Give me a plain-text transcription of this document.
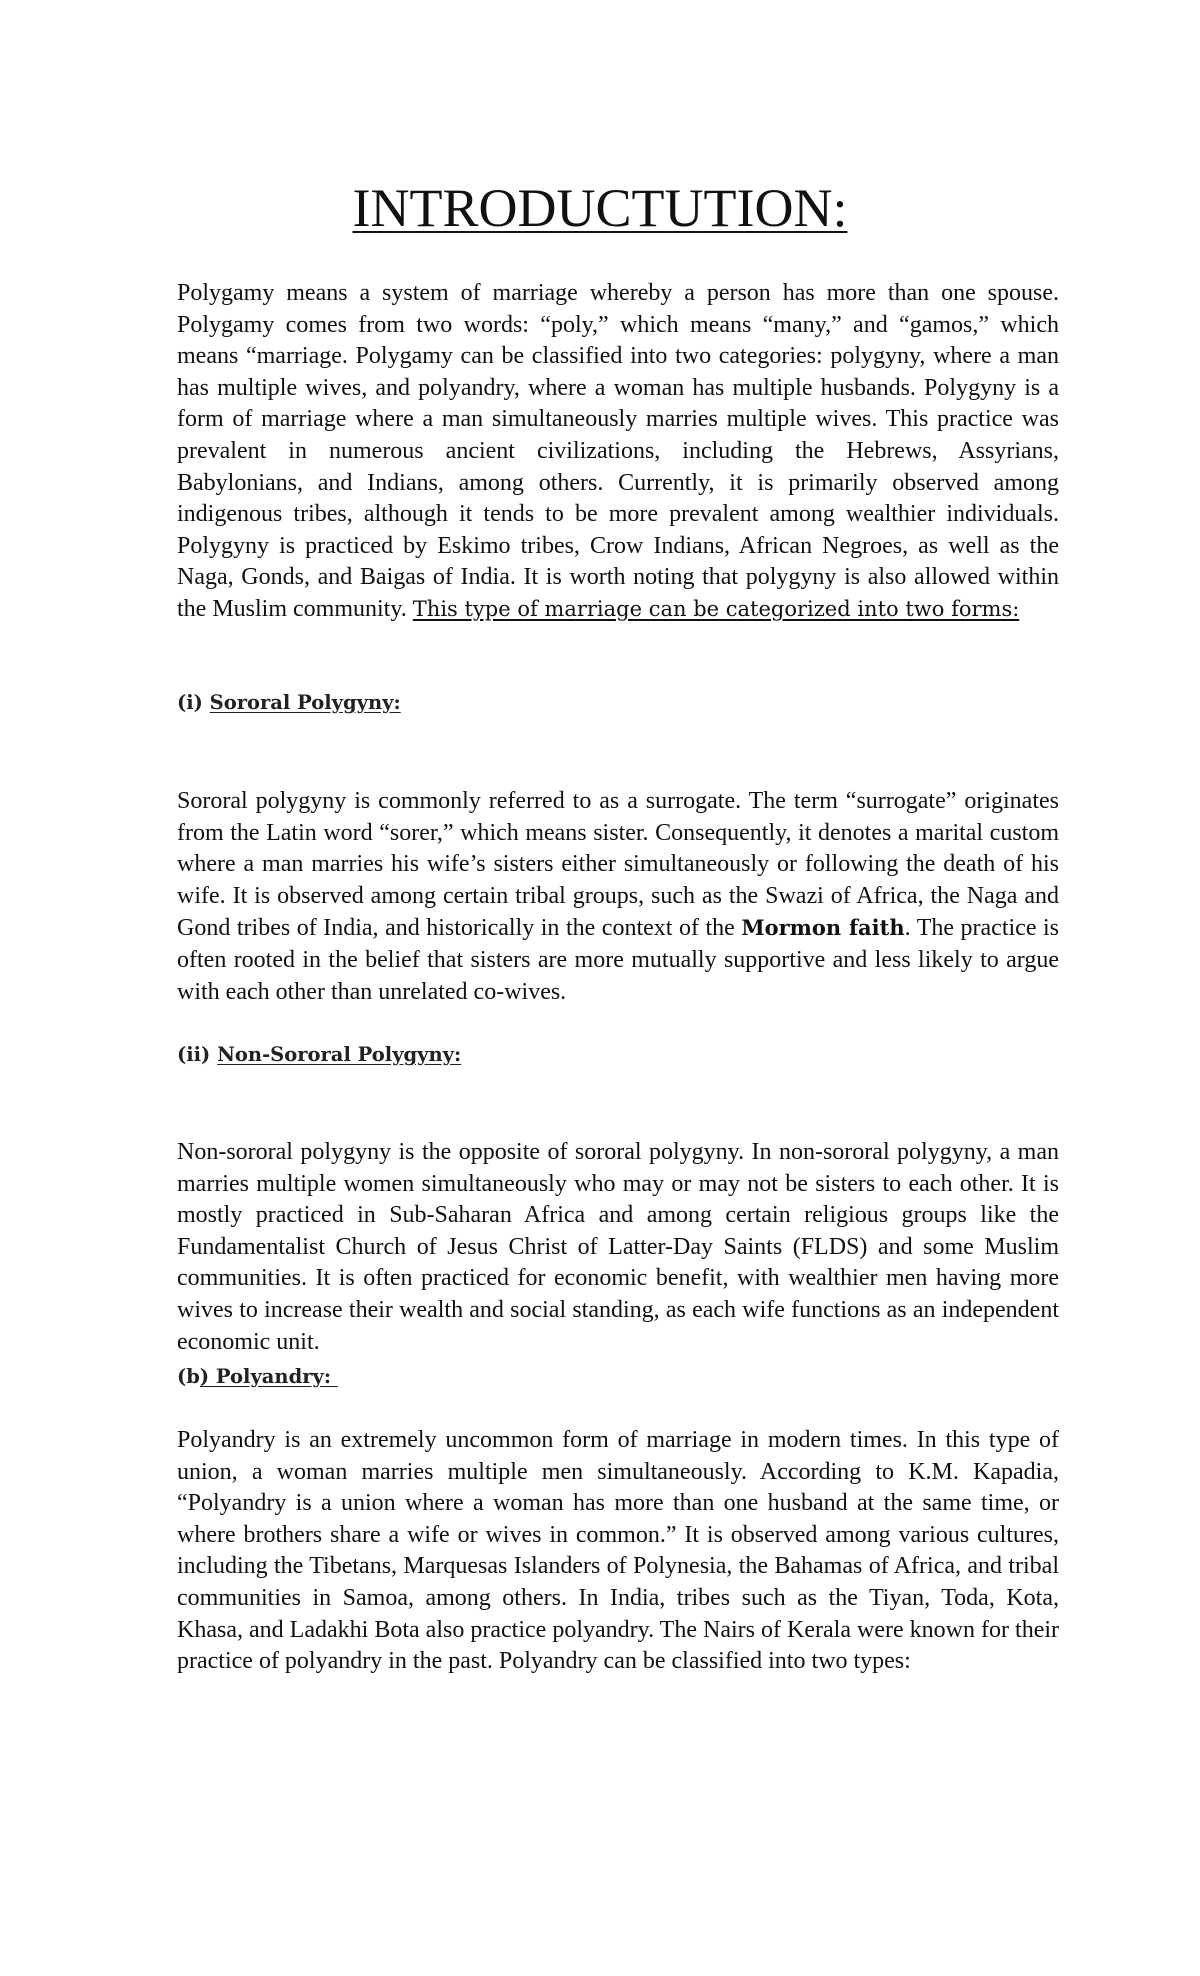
INTRODUCTUTION:

Polygamy means a system of marriage whereby a person has more than one spouse. Polygamy comes from two words: “poly,” which means “many,” and “gamos,” which means “marriage. Polygamy can be classified into two categories: polygyny, where a man has multiple wives, and polyandry, where a woman has multiple husbands. Polygyny is a form of marriage where a man simultaneously marries multiple wives. This practice was prevalent in numerous ancient civilizations, including the Hebrews, Assyrians, Babylonians, and Indians, among others. Currently, it is primarily observed among indigenous tribes, although it tends to be more prevalent among wealthier individuals. Polygyny is practiced by Eskimo tribes, Crow Indians, African Negroes, as well as the Naga, Gonds, and Baigas of India. It is worth noting that polygyny is also allowed within the Muslim community. This type of marriage can be categorized into two forms:

(i) Sororal Polygyny:

Sororal polygyny is commonly referred to as a surrogate. The term “surrogate” originates from the Latin word “sorer,” which means sister. Consequently, it denotes a marital custom where a man marries his wife’s sisters either simultaneously or following the death of his wife. It is observed among certain tribal groups, such as the Swazi of Africa, the Naga and Gond tribes of India, and historically in the context of the Mormon faith. The practice is often rooted in the belief that sisters are more mutually supportive and less likely to argue with each other than unrelated co-wives.

(ii) Non-Sororal Polygyny:

Non-sororal polygyny is the opposite of sororal polygyny. In non-sororal polygyny, a man marries multiple women simultaneously who may or may not be sisters to each other. It is mostly practiced in Sub-Saharan Africa and among certain religious groups like the Fundamentalist Church of Jesus Christ of Latter-Day Saints (FLDS) and some Muslim communities. It is often practiced for economic benefit, with wealthier men having more wives to increase their wealth and social standing, as each wife functions as an independent economic unit.

(b) Polyandry:

Polyandry is an extremely uncommon form of marriage in modern times. In this type of union, a woman marries multiple men simultaneously. According to K.M. Kapadia, “Polyandry is a union where a woman has more than one husband at the same time, or where brothers share a wife or wives in common.” It is observed among various cultures, including the Tibetans, Marquesas Islanders of Polynesia, the Bahamas of Africa, and tribal communities in Samoa, among others. In India, tribes such as the Tiyan, Toda, Kota, Khasa, and Ladakhi Bota also practice polyandry. The Nairs of Kerala were known for their practice of polyandry in the past. Polyandry can be classified into two types:
